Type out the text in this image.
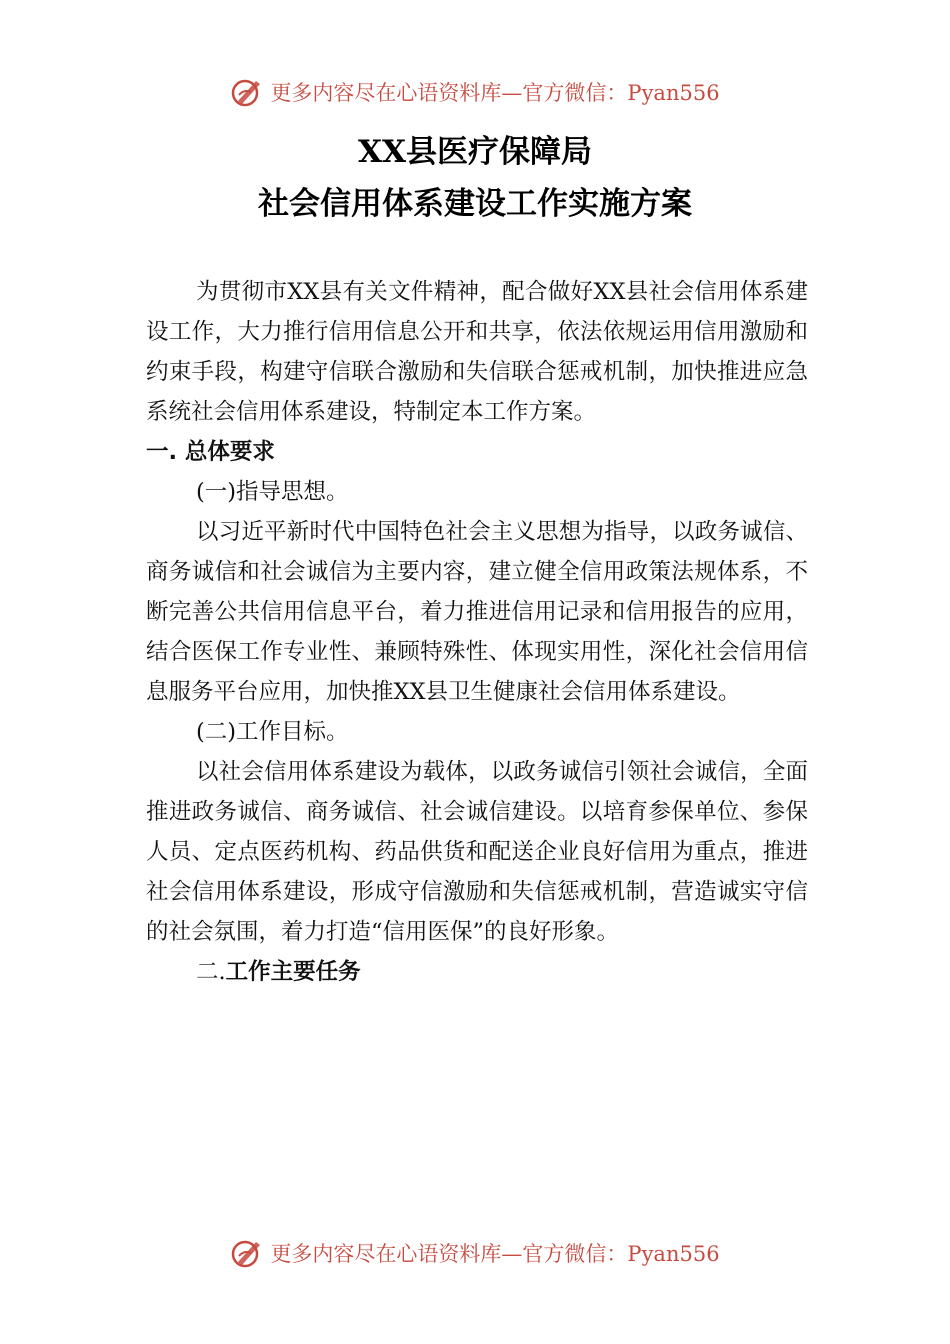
更多内容尽在心语资料库—官方微信：Pyan556
XX县医疗保障局
社会信用体系建设工作实施方案

为贯彻市XX县有关文件精神，配合做好XX县社会信用体系建设工作，大力推行信用信息公开和共享，依法依规运用信用激励和约束手段，构建守信联合激励和失信联合惩戒机制，加快推进应急系统社会信用体系建设，特制定本工作方案。

一. 总体要求

(一)指导思想。

以习近平新时代中国特色社会主义思想为指导，以政务诚信、商务诚信和社会诚信为主要内容，建立健全信用政策法规体系，不断完善公共信用信息平台，着力推进信用记录和信用报告的应用，结合医保工作专业性、兼顾特殊性、体现实用性，深化社会信用信息服务平台应用，加快推XX县卫生健康社会信用体系建设。

(二)工作目标。

以社会信用体系建设为载体，以政务诚信引领社会诚信，全面推进政务诚信、商务诚信、社会诚信建设。以培育参保单位、参保人员、定点医药机构、药品供货和配送企业良好信用为重点，推进社会信用体系建设，形成守信激励和失信惩戒机制，营造诚实守信的社会氛围，着力打造“信用医保”的良好形象。

二.工作主要任务

更多内容尽在心语资料库—官方微信：Pyan556
